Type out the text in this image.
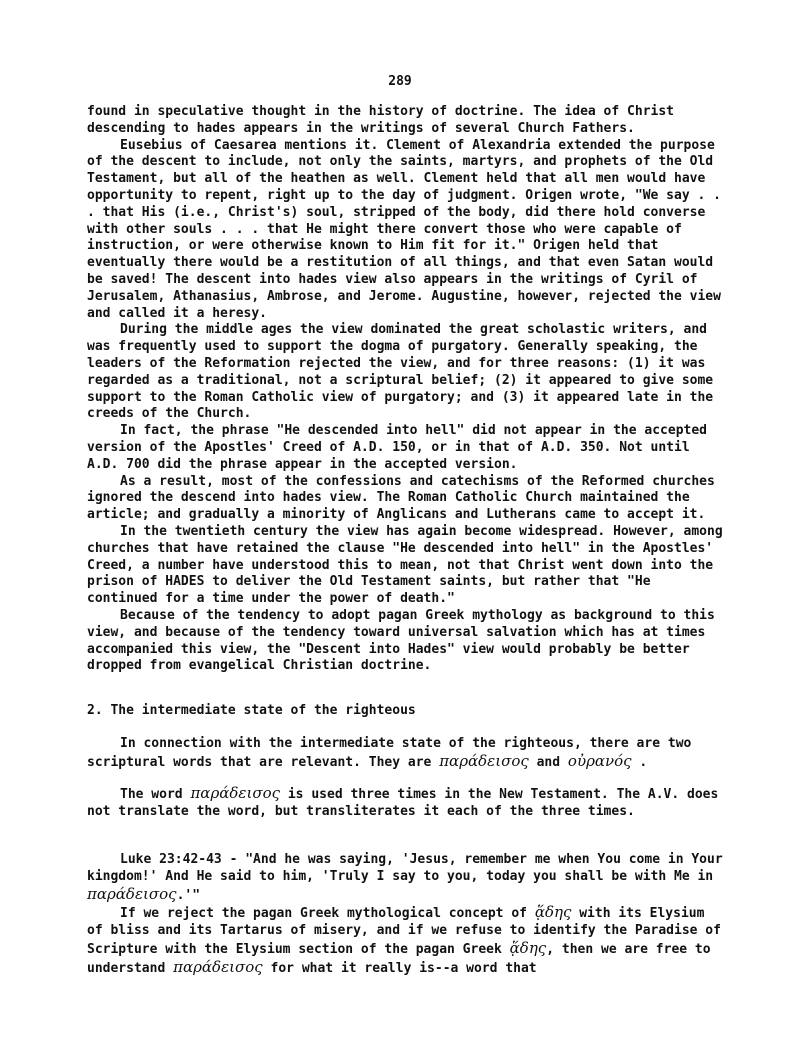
289

found in speculative thought in the history of doctrine. The idea of Christ descending to hades appears in the writings of several Church Fathers.

Eusebius of Caesarea mentions it. Clement of Alexandria extended the purpose of the descent to include, not only the saints, martyrs, and prophets of the Old Testament, but all of the heathen as well. Clement held that all men would have opportunity to repent, right up to the day of judgment. Origen wrote, "We say . . . that His (i.e., Christ's) soul, stripped of the body, did there hold converse with other souls . . . that He might there convert those who were capable of instruction, or were otherwise known to Him fit for it." Origen held that eventually there would be a restitution of all things, and that even Satan would be saved! The descent into hades view also appears in the writings of Cyril of Jerusalem, Athanasius, Ambrose, and Jerome. Augustine, however, rejected the view and called it a heresy.

During the middle ages the view dominated the great scholastic writers, and was frequently used to support the dogma of purgatory. Generally speaking, the leaders of the Reformation rejected the view, and for three reasons: (1) it was regarded as a traditional, not a scriptural belief; (2) it appeared to give some support to the Roman Catholic view of purgatory; and (3) it appeared late in the creeds of the Church.

In fact, the phrase "He descended into hell" did not appear in the accepted version of the Apostles' Creed of A.D. 150, or in that of A.D. 350. Not until A.D. 700 did the phrase appear in the accepted version.

As a result, most of the confessions and catechisms of the Reformed churches ignored the descend into hades view. The Roman Catholic Church maintained the article; and gradually a minority of Anglicans and Lutherans came to accept it.

In the twentieth century the view has again become widespread. However, among churches that have retained the clause "He descended into hell" in the Apostles' Creed, a number have understood this to mean, not that Christ went down into the prison of HADES to deliver the Old Testament saints, but rather that "He continued for a time under the power of death."

Because of the tendency to adopt pagan Greek mythology as background to this view, and because of the tendency toward universal salvation which has at times accompanied this view, the "Descent into Hades" view would probably be better dropped from evangelical Christian doctrine.

2. The intermediate state of the righteous

In connection with the intermediate state of the righteous, there are two scriptural words that are relevant. They are παράδεισος and οὐρανός .

The word παράδεισος is used three times in the New Testament. The A.V. does not translate the word, but transliterates it each of the three times.

Luke 23:42-43 - "And he was saying, 'Jesus, remember me when You come in Your kingdom!' And He said to him, 'Truly I say to you, today you shall be with Me in παράδεισος.'"

If we reject the pagan Greek mythological concept of ᾅδης with its Elysium of bliss and its Tartarus of misery, and if we refuse to identify the Paradise of Scripture with the Elysium section of the pagan Greek ᾅδης, then we are free to understand παράδεισος for what it really is--a word that
